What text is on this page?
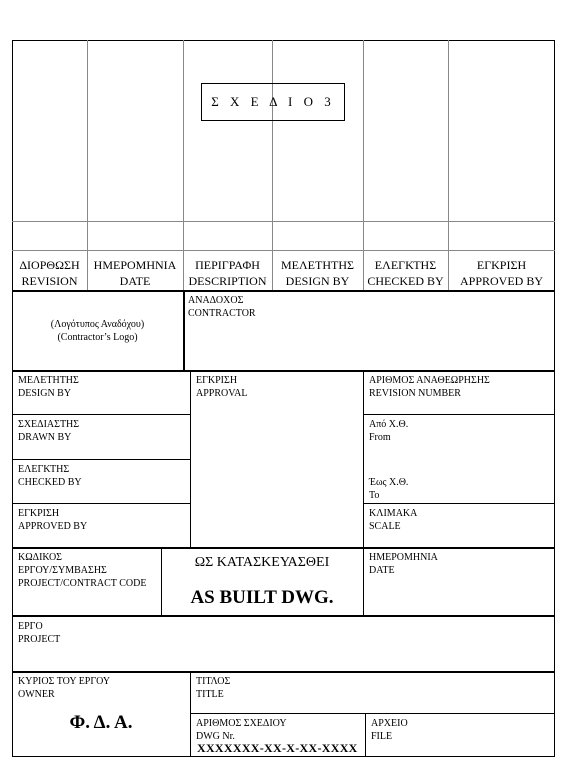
Σ Χ Ε Δ Ι Ο 3
ΔΙΟΡΘΩΣΗ
REVISION
ΗΜΕΡΟΜΗΝΙΑ
DATE
ΠΕΡΙΓΡΑΦΗ
DESCRIPTION
ΜΕΛΕΤΗΤΗΣ
DESIGN BY
ΕΛΕΓΚΤΗΣ
CHECKED BY
ΕΓΚΡΙΣΗ
APPROVED BY
(Λογότυπος Αναδόχου)
(Contractor’s Logo)
ΑΝΑΔΟΧΟΣ
CONTRACTOR
ΜΕΛΕΤΗΤΗΣ
DESIGN BY
ΣΧΕΔΙΑΣΤΗΣ
DRAWN BY
ΕΛΕΓΚΤΗΣ
CHECKED BY
ΕΓΚΡΙΣΗ
APPROVED BY
ΕΓΚΡΙΣΗ
APPROVAL
ΑΡΙΘΜΟΣ ΑΝΑΘΕΩΡΗΣΗΣ
REVISION NUMBER
Από Χ.Θ.
From
Έως Χ.Θ.
To
ΚΛΙΜΑΚΑ
SCALE
ΚΩΔΙΚΟΣ
ΕΡΓΟΥ/ΣΥΜΒΑΣΗΣ
PROJECT/CONTRACT CODE
ΩΣ ΚΑΤΑΣΚΕΥΑΣΘΕΙ
AS BUILT DWG.
ΗΜΕΡΟΜΗΝΙΑ
DATE
ΕΡΓΟ
PROJECT
ΚΥΡΙΟΣ ΤΟΥ ΕΡΓΟΥ
OWNER
Φ. Δ. Α.
ΤΙΤΛΟΣ
TITLE
ΑΡΙΘΜΟΣ ΣΧΕΔΙΟΥ
DWG Nr.
XXXXXXX-XX-X-XX-XXXX
ΑΡΧΕΙΟ
FILE
